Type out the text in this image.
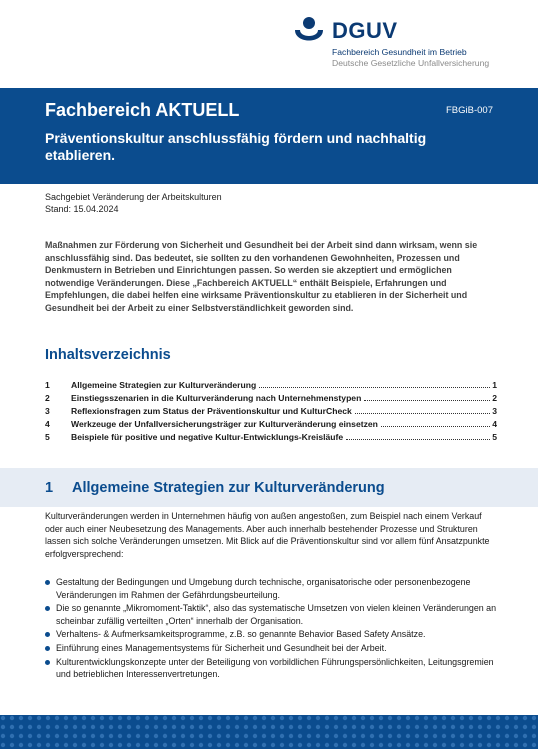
DGUV
Fachbereich Gesundheit im Betrieb
Deutsche Gesetzliche Unfallversicherung
Fachbereich AKTUELL	FBGiB-007
Präventionskultur anschlussfähig fördern und nachhaltig etablieren.
Sachgebiet Veränderung der Arbeitskulturen
Stand: 15.04.2024
Maßnahmen zur Förderung von Sicherheit und Gesundheit bei der Arbeit sind dann wirksam, wenn sie anschlussfähig sind. Das bedeutet, sie sollten zu den vorhandenen Gewohnheiten, Prozessen und Denkmustern in Betrieben und Einrichtungen passen. So werden sie akzeptiert und ermöglichen notwendige Veränderungen. Diese „Fachbereich AKTUELL“ enthält Beispiele, Erfahrungen und Empfehlungen, die dabei helfen eine wirksame Präventionskultur zu etablieren in der Sicherheit und Gesundheit bei der Arbeit zu einer Selbstverständlichkeit geworden sind.
Inhaltsverzeichnis
1	Allgemeine Strategien zur Kulturveränderung	1
2	Einstiegsszenarien in die Kulturveränderung nach Unternehmenstypen	2
3	Reflexionsfragen zum Status der Präventionskultur und KulturCheck	3
4	Werkzeuge der Unfallversicherungsträger zur Kulturveränderung einsetzen	4
5	Beispiele für positive und negative Kultur-Entwicklungs-Kreisläufe	5
1 Allgemeine Strategien zur Kulturveränderung
Kulturveränderungen werden in Unternehmen häufig von außen angestoßen, zum Beispiel nach einem Verkauf oder auch einer Neubesetzung des Managements. Aber auch innerhalb bestehender Prozesse und Strukturen lassen sich solche Veränderungen umsetzen. Mit Blick auf die Präventionskultur sind vor allem fünf Ansatzpunkte erfolgversprechend:
Gestaltung der Bedingungen und Umgebung durch technische, organisatorische oder personenbezogene Veränderungen im Rahmen der Gefährdungsbeurteilung.
Die so genannte „Mikromoment-Taktik“, also das systematische Umsetzen von vielen kleinen Veränderungen an scheinbar zufällig verteilten „Orten“ innerhalb der Organisation.
Verhaltens- & Aufmerksamkeitsprogramme, z.B. so genannte Behavior Based Safety Ansätze.
Einführung eines Managementsystems für Sicherheit und Gesundheit bei der Arbeit.
Kulturentwicklungskonzepte unter der Beteiligung von vorbildlichen Führungspersönlichkeiten, Leitungsgremien und betrieblichen Interessenvertretungen.
